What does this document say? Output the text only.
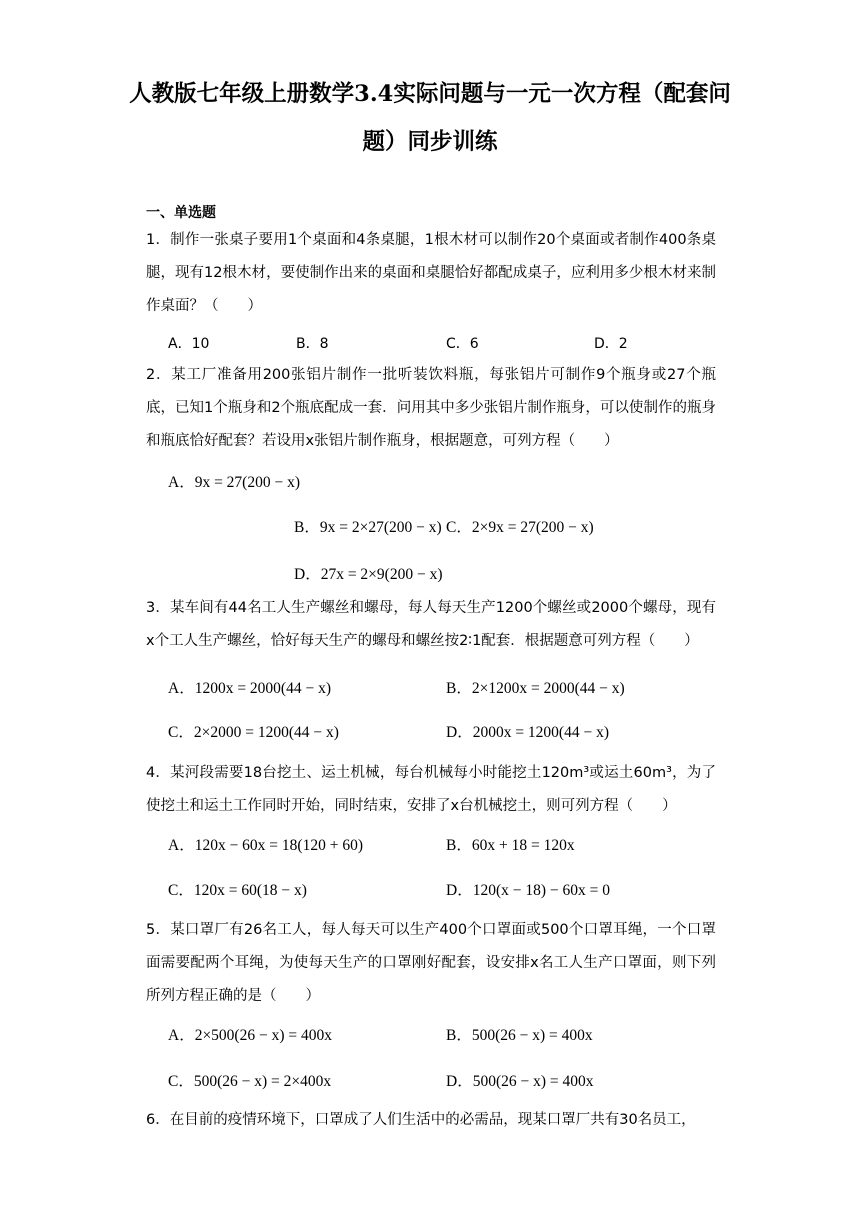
人教版七年级上册数学3.4实际问题与一元一次方程（配套问题）同步训练
一、单选题
1．制作一张桌子要用1个桌面和4条桌腿，1根木材可以制作20个桌面或者制作400条桌腿，现有12根木材，要使制作出来的桌面和桌腿恰好都配成桌子，应利用多少根木材来制作桌面？（　　）
A．10	B．8	C．6	D．2
2．某工厂准备用200张铝片制作一批听装饮料瓶，每张铝片可制作9个瓶身或27个瓶底，已知1个瓶身和2个瓶底配成一套．问用其中多少张铝片制作瓶身，可以使制作的瓶身和瓶底恰好配套？若设用x张铝片制作瓶身，根据题意，可列方程（　　）
A．9x = 27(200 − x)
B．9x = 2×27(200 − x) C．2×9x = 27(200 − x)
D．27x = 2×9(200 − x)
3．某车间有44名工人生产螺丝和螺母，每人每天生产1200个螺丝或2000个螺母，现有x个工人生产螺丝，恰好每天生产的螺母和螺丝按2∶1配套．根据题意可列方程（　　）
A．1200x = 2000(44 − x)	B．2×1200x = 2000(44 − x)
C．2×2000 = 1200(44 − x)	D．2000x = 1200(44 − x)
4．某河段需要18台挖土、运土机械，每台机械每小时能挖土120m³或运土60m³，为了使挖土和运土工作同时开始，同时结束，安排了x台机械挖土，则可列方程（　　）
A．120x − 60x = 18(120 + 60)	B．60x + 18 = 120x
C．120x = 60(18 − x)	D．120(x − 18) − 60x = 0
5．某口罩厂有26名工人，每人每天可以生产400个口罩面或500个口罩耳绳，一个口罩面需要配两个耳绳，为使每天生产的口罩刚好配套，设安排x名工人生产口罩面，则下列所列方程正确的是（　　）
A．2×500(26 − x) = 400x	B．500(26 − x) = 400x
C．500(26 − x) = 2×400x	D．500(26 − x) = 400x
6．在目前的疫情环境下，口罩成了人们生活中的必需品，现某口罩厂共有30名员工，
